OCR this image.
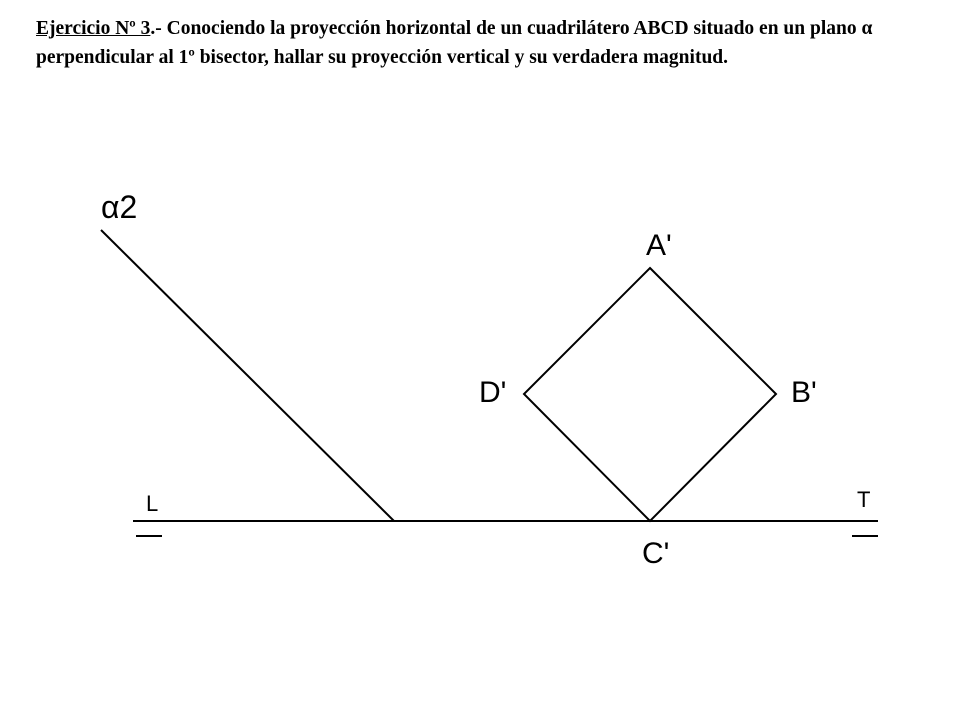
Ejercicio Nº 3.- Conociendo la proyección horizontal de un cuadrilátero ABCD situado en un plano α perpendicular al 1º bisector, hallar su proyección vertical y su verdadera magnitud.
L	T
α2
A'
B'
C'
D'
